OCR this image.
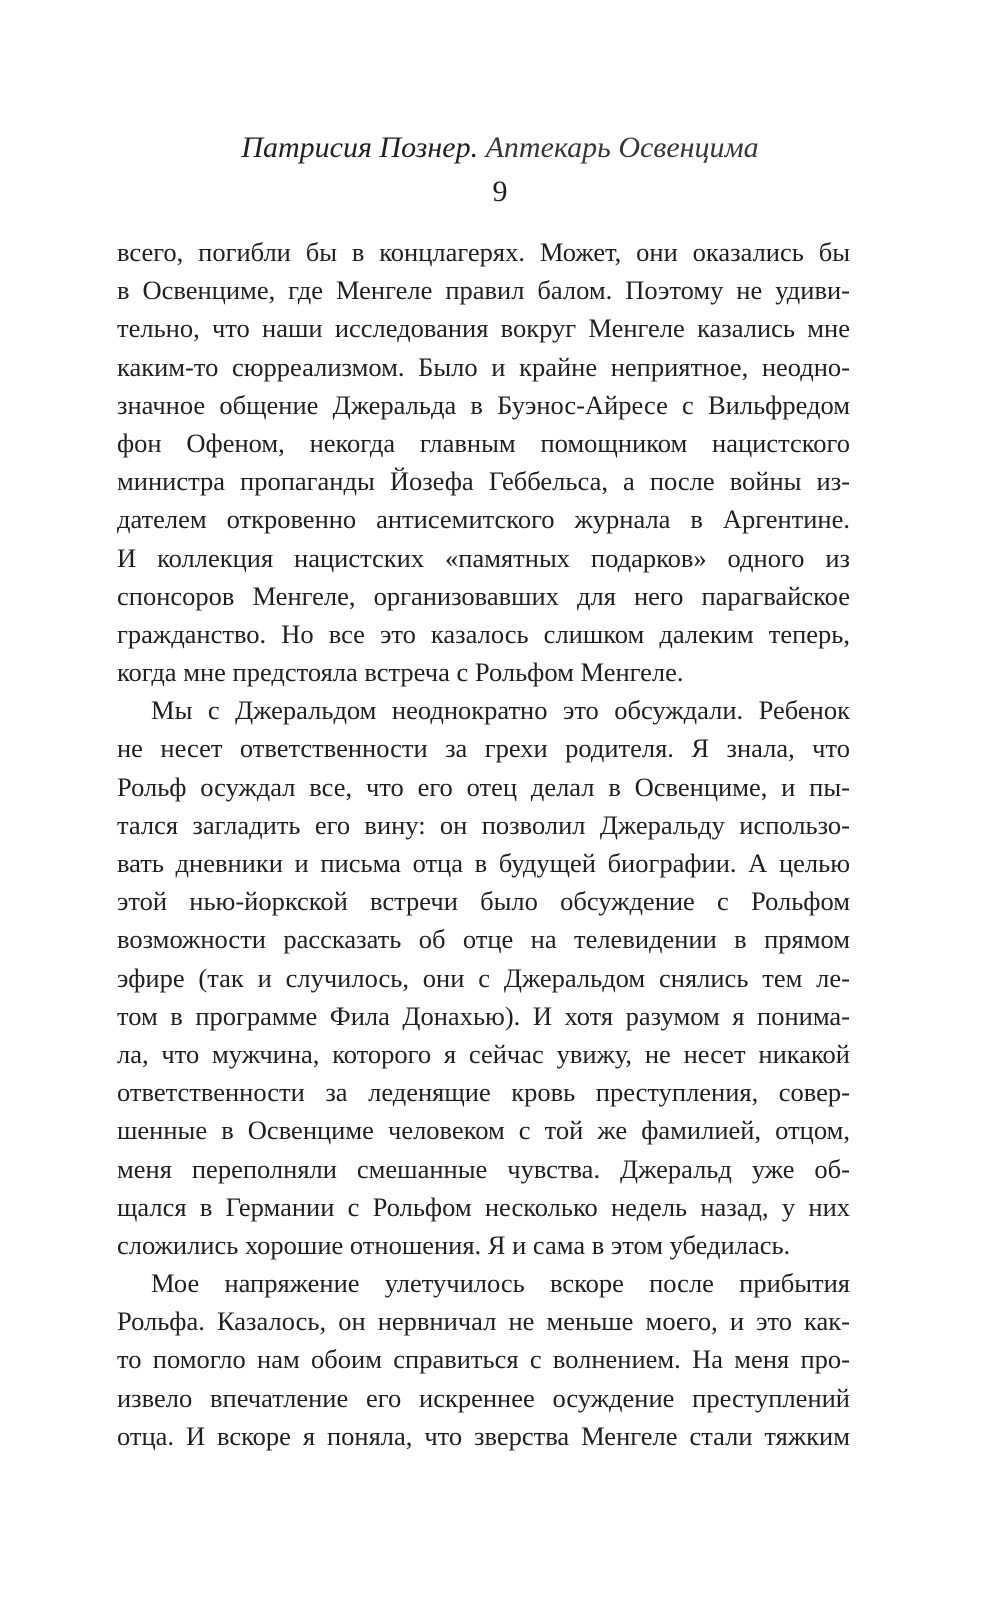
Патрисия Познер. Аптекарь Освенцима
9
всего, погибли бы в концлагерях. Может, они оказались бы
в Освенциме, где Менгеле правил балом. Поэтому не удиви-
тельно, что наши исследования вокруг Менгеле казались мне
каким-то сюрреализмом. Было и крайне неприятное, неодно-
значное общение Джеральда в Буэнос-Айресе с Вильфредом
фон Офеном, некогда главным помощником нацистского
министра пропаганды Йозефа Геббельса, а после войны из-
дателем откровенно антисемитского журнала в Аргентине.
И коллекция нацистских «памятных подарков» одного из
спонсоров Менгеле, организовавших для него парагвайское
гражданство. Но все это казалось слишком далеким теперь,
когда мне предстояла встреча с Рольфом Менгеле.
Мы с Джеральдом неоднократно это обсуждали. Ребенок
не несет ответственности за грехи родителя. Я знала, что
Рольф осуждал все, что его отец делал в Освенциме, и пы-
тался загладить его вину: он позволил Джеральду использо-
вать дневники и письма отца в будущей биографии. А целью
этой нью-йоркской встречи было обсуждение с Рольфом
возможности рассказать об отце на телевидении в прямом
эфире (так и случилось, они с Джеральдом снялись тем ле-
том в программе Фила Донахью). И хотя разумом я понима-
ла, что мужчина, которого я сейчас увижу, не несет никакой
ответственности за леденящие кровь преступления, совер-
шенные в Освенциме человеком с той же фамилией, отцом,
меня переполняли смешанные чувства. Джеральд уже об-
щался в Германии с Рольфом несколько недель назад, у них
сложились хорошие отношения. Я и сама в этом убедилась.
Мое напряжение улетучилось вскоре после прибытия
Рольфа. Казалось, он нервничал не меньше моего, и это как-
то помогло нам обоим справиться с волнением. На меня про-
извело впечатление его искреннее осуждение преступлений
отца. И вскоре я поняла, что зверства Менгеле стали тяжким
